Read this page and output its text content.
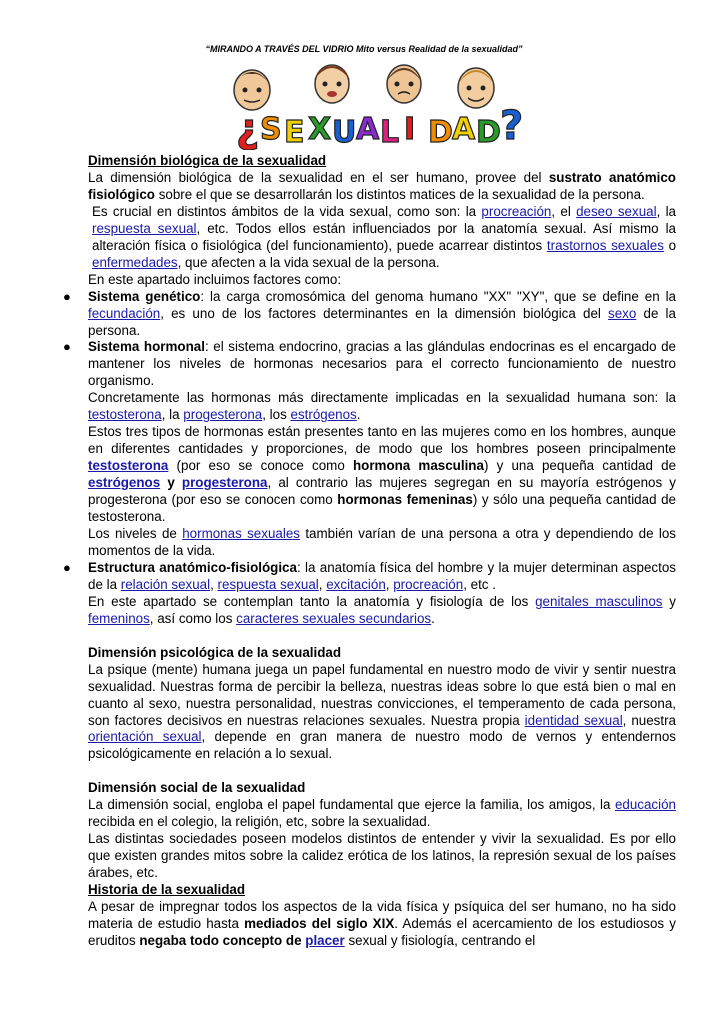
“MIRANDO A TRAVÉS DEL VIDRIO Mito versus Realidad de la sexualidad”
¿ S E X U A L I D A D ?

Dimensión biológica de la sexualidad

La dimensión biológica de la sexualidad en el ser humano, provee del sustrato anatómico fisiológico sobre el que se desarrollarán los distintos matices de la sexualidad de la persona.

Es crucial en distintos ámbitos de la vida sexual, como son: la procreación, el deseo sexual, la respuesta sexual, etc. Todos ellos están influenciados por la anatomía sexual. Así mismo la alteración física o fisiológica (del funcionamiento), puede acarrear distintos trastornos sexuales o enfermedades, que afecten a la vida sexual de la persona.

En este apartado incluimos factores como:

● Sistema genético: la carga cromosómica del genoma humano "XX" "XY", que se define en la fecundación, es uno de los factores determinantes en la dimensión biológica del sexo de la persona.
● Sistema hormonal: el sistema endocrino, gracias a las glándulas endocrinas es el encargado de mantener los niveles de hormonas necesarios para el correcto funcionamiento de nuestro organismo.

Concretamente las hormonas más directamente implicadas en la sexualidad humana son: la testosterona, la progesterona, los estrógenos.

Estos tres tipos de hormonas están presentes tanto en las mujeres como en los hombres, aunque en diferentes cantidades y proporciones, de modo que los hombres poseen principalmente testosterona (por eso se conoce como hormona masculina) y una pequeña cantidad de estrógenos y progesterona, al contrario las mujeres segregan en su mayoría estrógenos y progesterona (por eso se conocen como hormonas femeninas) y sólo una pequeña cantidad de testosterona.

Los niveles de hormonas sexuales también varían de una persona a otra y dependiendo de los momentos de la vida.

● Estructura anatómico-fisiológica: la anatomía física del hombre y la mujer determinan aspectos de la relación sexual, respuesta sexual, excitación, procreación, etc .

En este apartado se contemplan tanto la anatomía y fisiología de los genitales masculinos y femeninos, así como los caracteres sexuales secundarios.

Dimensión psicológica de la sexualidad

La psique (mente) humana juega un papel fundamental en nuestro modo de vivir y sentir nuestra sexualidad. Nuestras forma de percibir la belleza, nuestras ideas sobre lo que está bien o mal en cuanto al sexo, nuestra personalidad, nuestras convicciones, el temperamento de cada persona, son factores decisivos en nuestras relaciones sexuales. Nuestra propia identidad sexual, nuestra orientación sexual, depende en gran manera de nuestro modo de vernos y entendernos psicológicamente en relación a lo sexual.

Dimensión social de la sexualidad

La dimensión social, engloba el papel fundamental que ejerce la familia, los amigos, la educación recibida en el colegio, la religión, etc, sobre la sexualidad.

Las distintas sociedades poseen modelos distintos de entender y vivir la sexualidad. Es por ello que existen grandes mitos sobre la calidez erótica de los latinos, la represión sexual de los países árabes, etc.

Historia de la sexualidad

A pesar de impregnar todos los aspectos de la vida física y psíquica del ser humano, no ha sido materia de estudio hasta mediados del siglo XIX. Además el acercamiento de los estudiosos y eruditos negaba todo concepto de placer sexual y fisiología, centrando el
